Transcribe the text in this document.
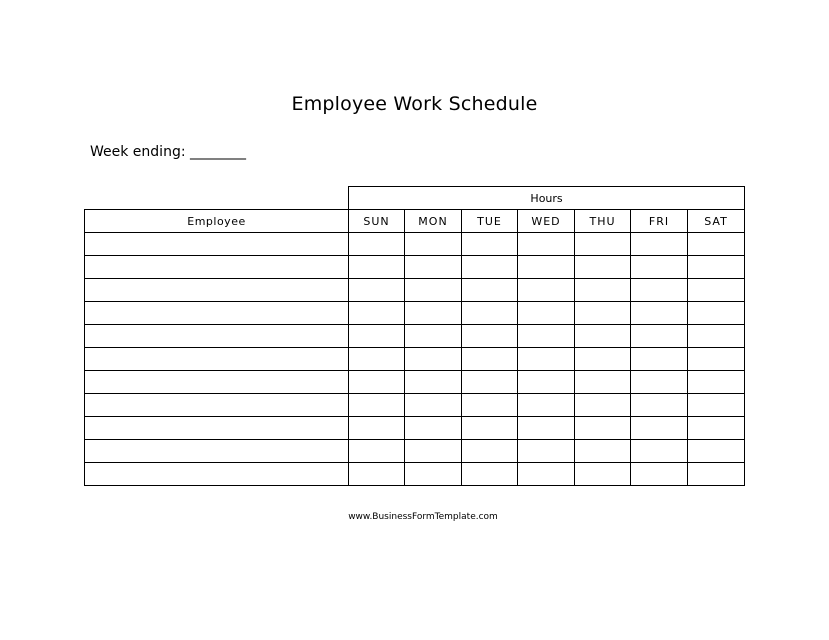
Employee Work Schedule
Week ending: ________
	Hours						
Employee	SUN	MON	TUE	WED	THU	FRI	SAT

www.BusinessFormTemplate.com
